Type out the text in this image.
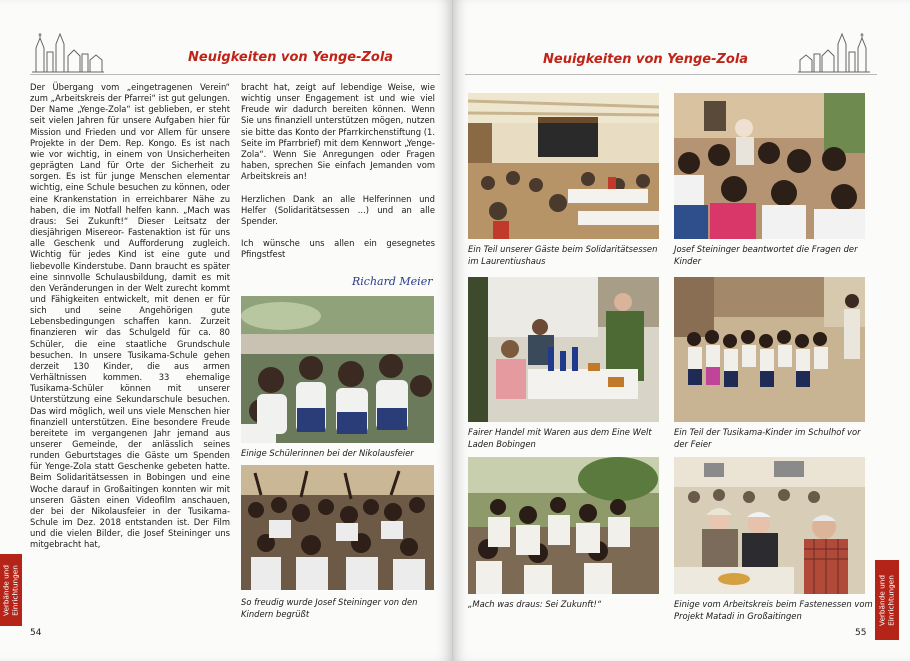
Neuigkeiten von Yenge-Zola
Der Übergang vom „eingetragenen Verein“ zum „Arbeitskreis der Pfarrei“ ist gut gelungen. Der Name „Yenge-Zola“ ist geblieben, er steht seit vielen Jahren für unsere Aufgaben hier für Mission und Frieden und vor Allem für unsere Projekte in der Dem. Rep. Kongo. Es ist nach wie vor wichtig, in einem von Unsicherheiten geprägten Land für Orte der Sicherheit zu sorgen. Es ist für junge Menschen elementar wichtig, eine Schule besuchen zu können, oder eine Krankenstation in erreichbarer Nähe zu haben, die im Notfall helfen kann. „Mach was draus: Sei Zukunft!“ Dieser Leitsatz der diesjährigen Misereor- Fastenaktion ist für uns alle Geschenk und Aufforderung zugleich. Wichtig für jedes Kind ist eine gute und liebevolle Kinderstube. Dann braucht es später eine sinnvolle Schulausbildung, damit es mit den Veränderungen in der Welt zurecht kommt und Fähigkeiten entwickelt, mit denen er für sich und seine Angehörigen gute Lebensbedingungen schaffen kann. Zurzeit finanzieren wir das Schulgeld für ca. 80 Schüler, die eine staatliche Grundschule besuchen. In unsere Tusikama-Schule gehen derzeit 130 Kinder, die aus armen Verhältnissen kommen. 33 ehemalige Tusikama-Schüler können mit unserer Unterstützung eine Sekundarschule besuchen. Das wird möglich, weil uns viele Menschen hier finanziell unterstützen. Eine besondere Freude bereitete im vergangenen Jahr jemand aus unserer Gemeinde, der anlässlich seines runden Geburtstages die Gäste um Spenden für Yenge-Zola statt Geschenke gebeten hatte. Beim Solidaritätsessen in Bobingen und eine Woche darauf in Großaitingen konnten wir mit unseren Gästen einen Videofilm anschauen, der bei der Nikolausfeier in der Tusikama-Schule im Dez. 2018 entstanden ist. Der Film und die vielen Bilder, die Josef Steininger uns mitgebracht hat,
bracht hat, zeigt auf lebendige Weise, wie wichtig unser Engagement ist und wie viel Freude wir dadurch bereiten können. Wenn Sie uns finanziell unterstützen mögen, nutzen sie bitte das Konto der Pfarrkirchenstiftung (1. Seite im Pfarrbrief) mit dem Kennwort „Yenge-Zola“. Wenn Sie Anregungen oder Fragen haben, sprechen Sie einfach Jemanden vom Arbeitskreis an!

Herzlichen Dank an alle Helferinnen und Helfer (Solidaritätsessen ...) und an alle Spender.

Ich wünsche uns allen ein gesegnetes Pfingstfest
Richard Meier
Einige Schülerinnen bei der Nikolausfeier
So freudig wurde Josef Steininger von den Kindern begrüßt
Verbände und Einrichtungen
54
Neuigkeiten von Yenge-Zola
Ein Teil unserer Gäste beim Solidaritätsessen im Laurentiushaus
Josef Steininger beantwortet die Fragen der Kinder
Fairer Handel mit Waren aus dem Eine Welt Laden Bobingen
Ein Teil der Tusikama-Kinder im Schulhof vor der Feier
„Mach was draus: Sei Zukunft!“	Einige vom Arbeitskreis beim Fastenessen vom Projekt Matadi in Großaitingen	Verbände und Einrichtungen
55
